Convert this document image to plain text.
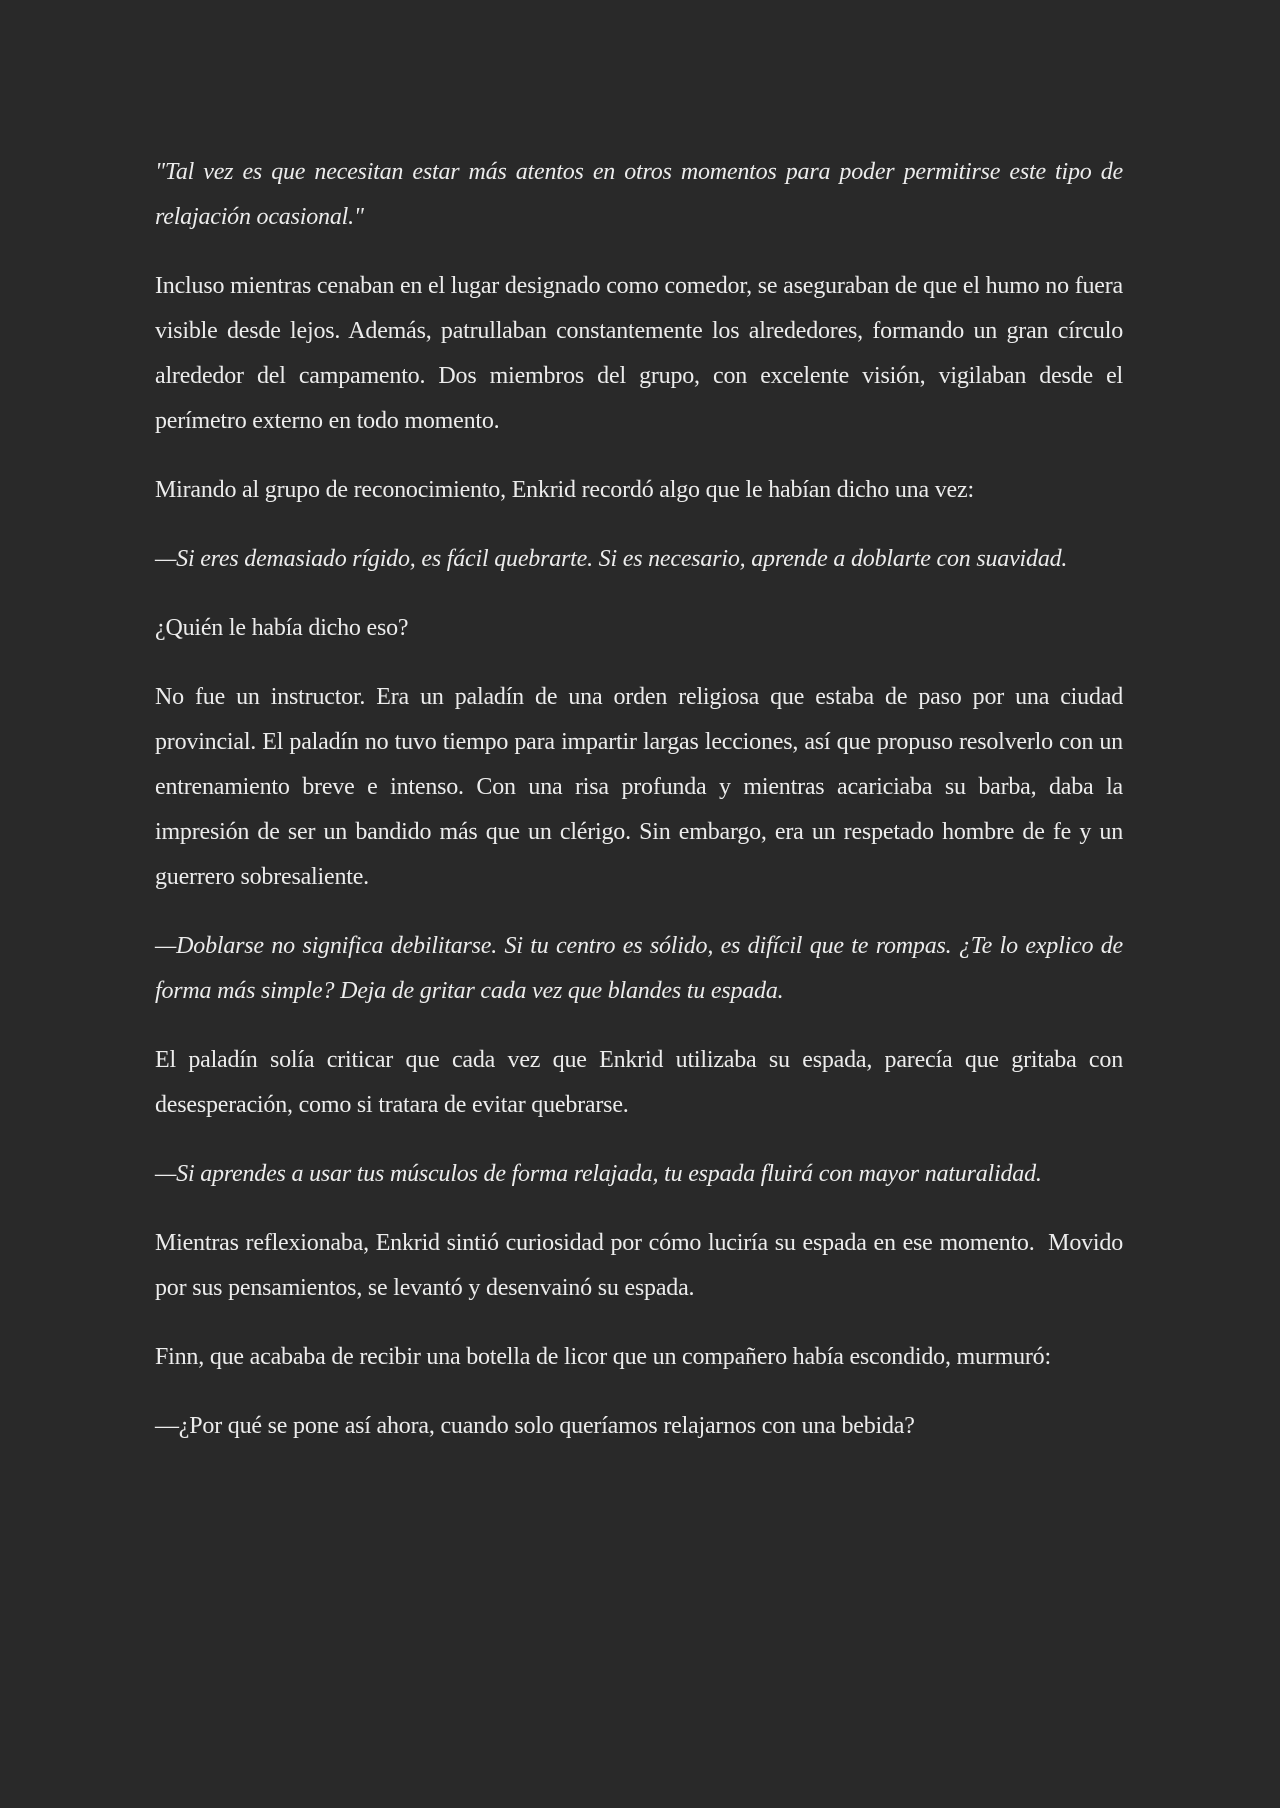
"Tal vez es que necesitan estar más atentos en otros momentos para poder permitirse este tipo de relajación ocasional."

Incluso mientras cenaban en el lugar designado como comedor, se aseguraban de que el humo no fuera visible desde lejos. Además, patrullaban constantemente los alrededores, formando un gran círculo alrededor del campamento. Dos miembros del grupo, con excelente visión, vigilaban desde el perímetro externo en todo momento.

Mirando al grupo de reconocimiento, Enkrid recordó algo que le habían dicho una vez:

—Si eres demasiado rígido, es fácil quebrarte. Si es necesario, aprende a doblarte con suavidad.

¿Quién le había dicho eso?

No fue un instructor. Era un paladín de una orden religiosa que estaba de paso por una ciudad provincial. El paladín no tuvo tiempo para impartir largas lecciones, así que propuso resolverlo con un entrenamiento breve e intenso. Con una risa profunda y mientras acariciaba su barba, daba la impresión de ser un bandido más que un clérigo. Sin embargo, era un respetado hombre de fe y un guerrero sobresaliente.

—Doblarse no significa debilitarse. Si tu centro es sólido, es difícil que te rompas. ¿Te lo explico de forma más simple? Deja de gritar cada vez que blandes tu espada.

El paladín solía criticar que cada vez que Enkrid utilizaba su espada, parecía que gritaba con desesperación, como si tratara de evitar quebrarse.

—Si aprendes a usar tus músculos de forma relajada, tu espada fluirá con mayor naturalidad.

Mientras reflexionaba, Enkrid sintió curiosidad por cómo luciría su espada en ese momento.  Movido por sus pensamientos, se levantó y desenvainó su espada.

Finn, que acababa de recibir una botella de licor que un compañero había escondido, murmuró:

—¿Por qué se pone así ahora, cuando solo queríamos relajarnos con una bebida?
